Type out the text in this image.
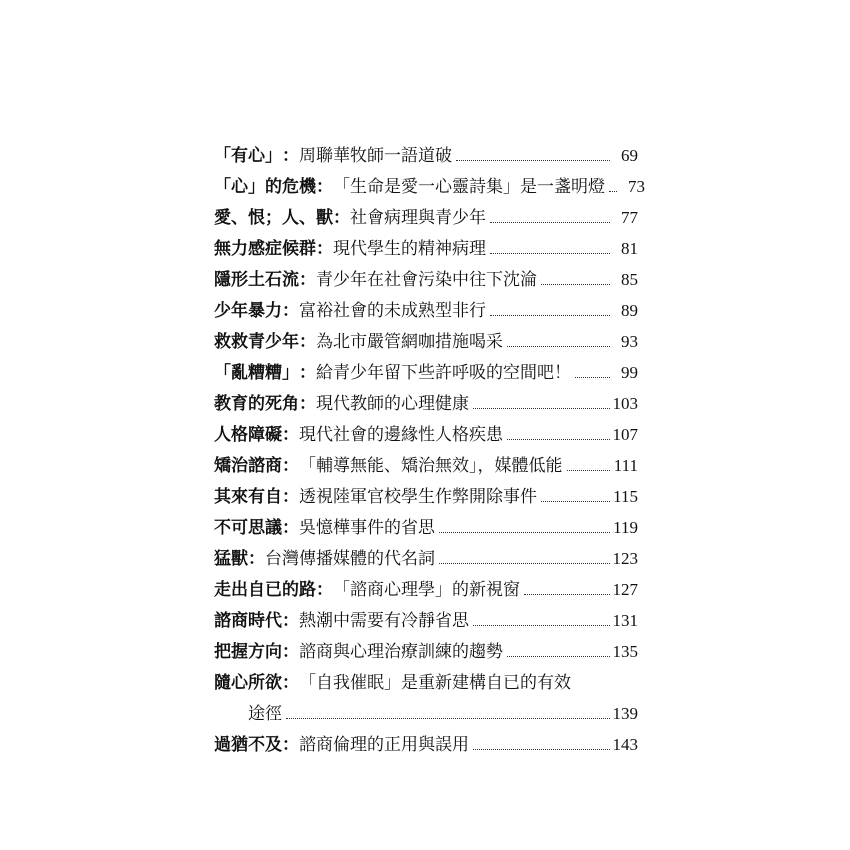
「有心」 ： 周聯華牧師一語道破	69
「心」的危機 ： 「生命是愛一心靈詩集」是一盞明燈	73
愛、恨；人、獸 ： 社會病理與青少年	77
無力感症候群 ： 現代學生的精神病理	81
隱形土石流 ： 青少年在社會污染中往下沈淪	85
少年暴力 ： 富裕社會的未成熟型非行	89
救救青少年 ： 為北市嚴管網咖措施喝采	93
「亂糟糟」 ： 給青少年留下些許呼吸的空間吧！	99
教育的死角 ： 現代教師的心理健康	103
人格障礙 ： 現代社會的邊緣性人格疾患	107
矯治諮商 ： 「輔導無能、矯治無效」，媒體低能	111
其來有自 ： 透視陸軍官校學生作弊開除事件	115
不可思議 ： 吳憶樺事件的省思	119
猛獸 ： 台灣傳播媒體的代名詞	123
走出自已的路 ： 「諮商心理學」的新視窗	127
諮商時代 ： 熱潮中需要有冷靜省思	131
把握方向 ： 諮商與心理治療訓練的趨勢	135
隨心所欲 ： 「自我催眠」是重新建構自已的有效
途徑	139
過猶不及 ： 諮商倫理的正用與誤用	143
